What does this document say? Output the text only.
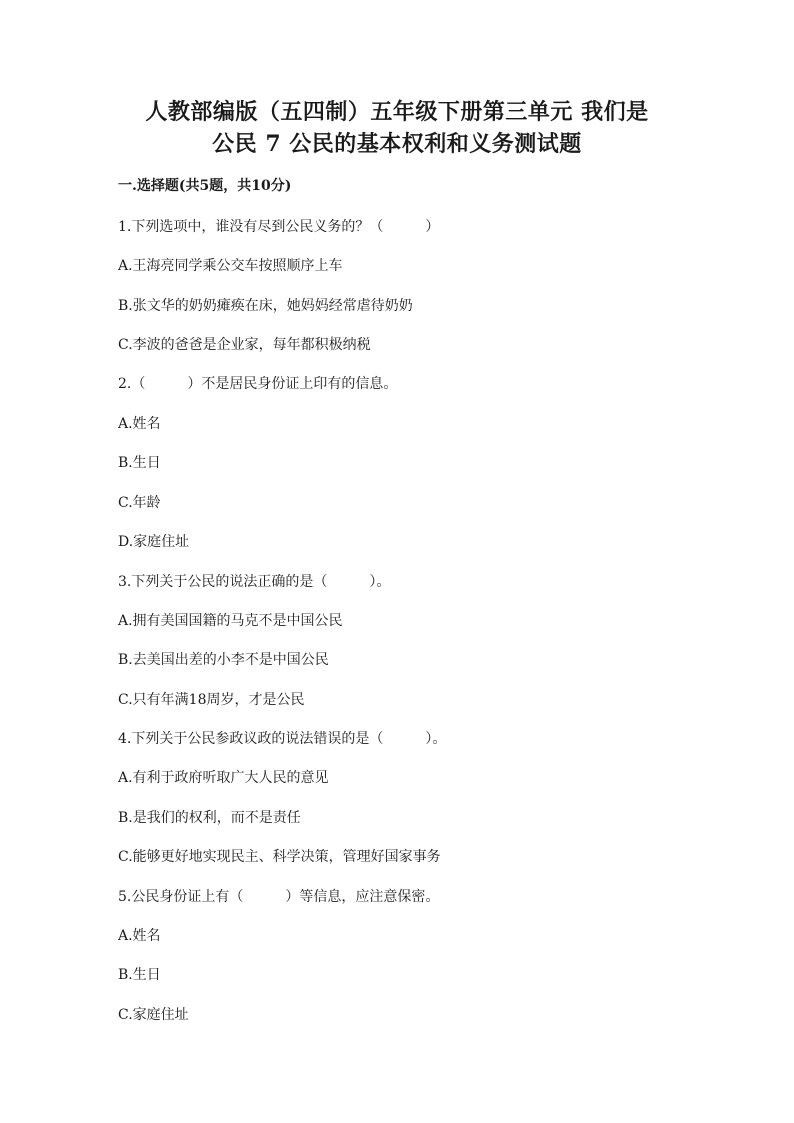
人教部编版（五四制）五年级下册第三单元 我们是
公民 7 公民的基本权利和义务测试题
一.选择题(共5题，共10分)
1.下列选项中，谁没有尽到公民义务的？（　　　）
A.王海亮同学乘公交车按照顺序上车
B.张文华的奶奶瘫痪在床，她妈妈经常虐待奶奶
C.李波的爸爸是企业家，每年都积极纳税
2.（　　　）不是居民身份证上印有的信息。
A.姓名
B.生日
C.年龄
D.家庭住址
3.下列关于公民的说法正确的是（　　　）。
A.拥有美国国籍的马克不是中国公民
B.去美国出差的小李不是中国公民
C.只有年满18周岁，才是公民
4.下列关于公民参政议政的说法错误的是（　　　）。
A.有利于政府听取广大人民的意见
B.是我们的权利，而不是责任
C.能够更好地实现民主、科学决策，管理好国家事务
5.公民身份证上有（　　　）等信息，应注意保密。
A.姓名
B.生日
C.家庭住址
